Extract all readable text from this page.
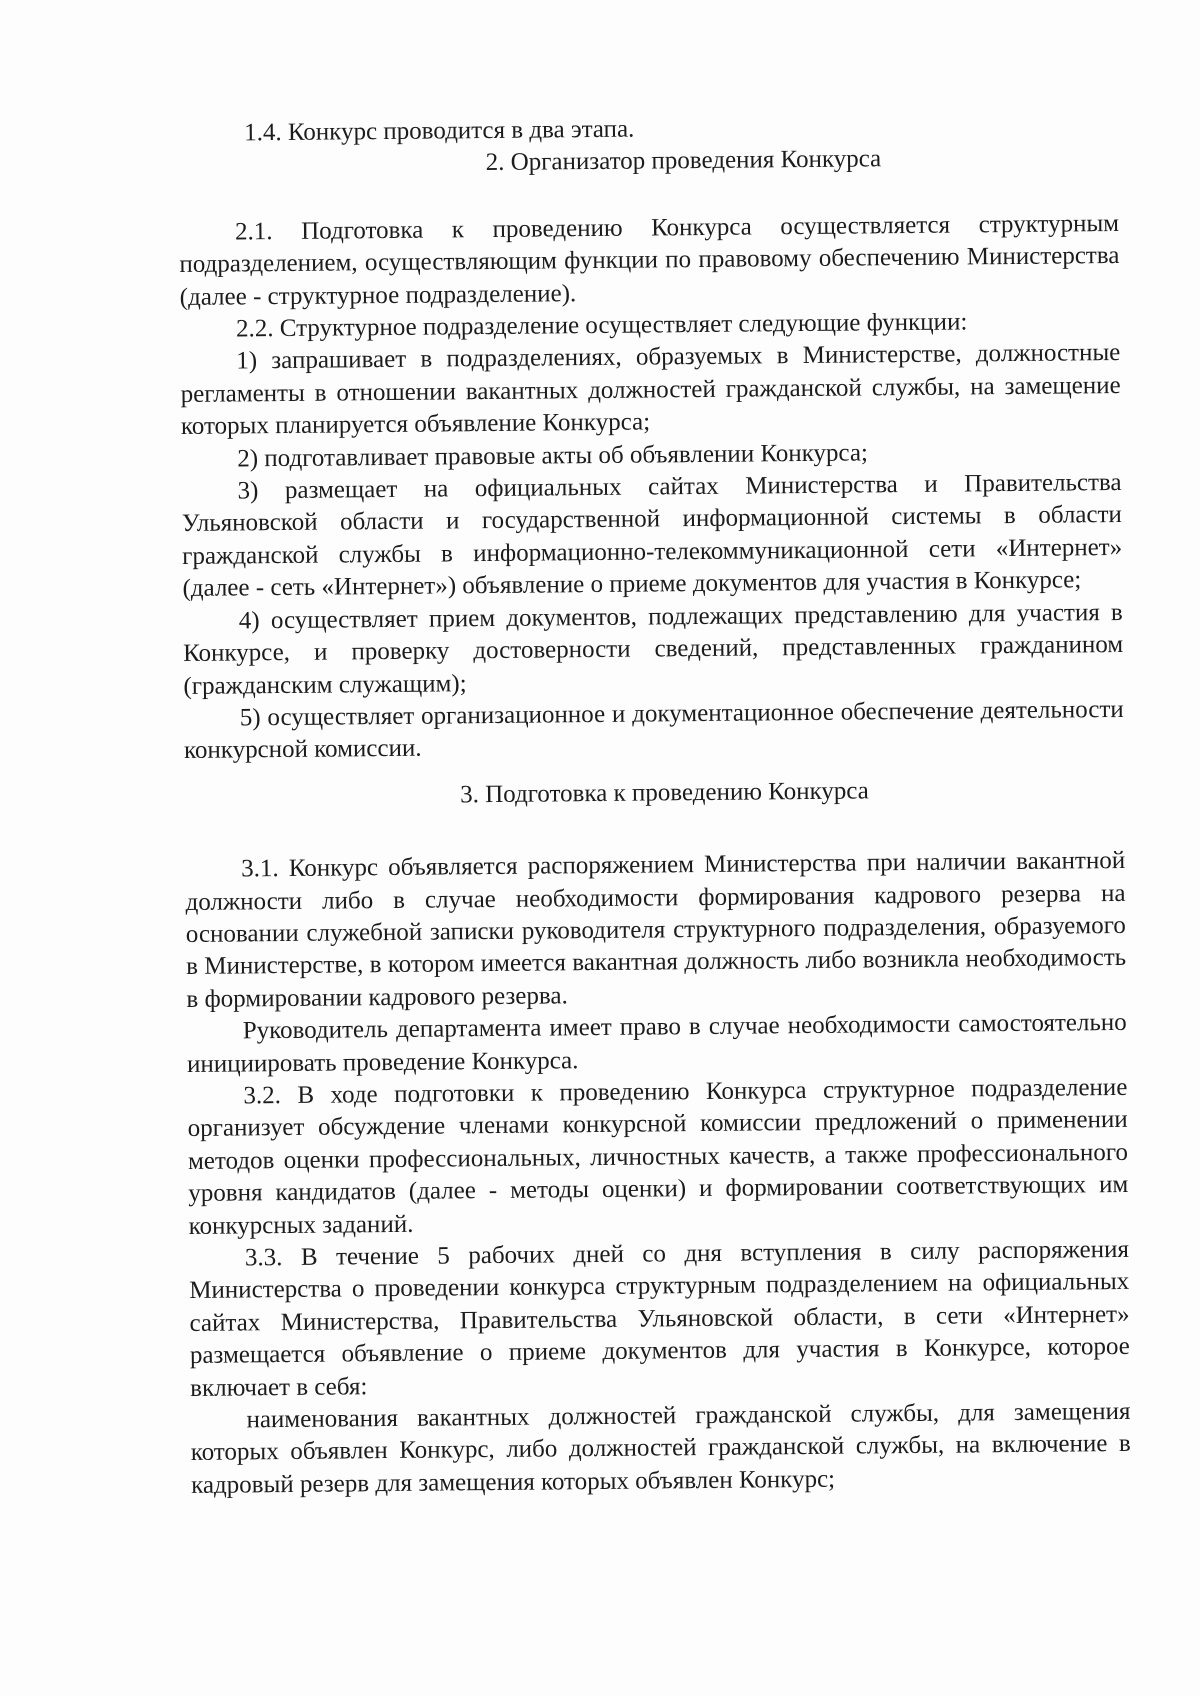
1.4. Конкурс проводится в два этапа.

2. Организатор проведения Конкурса

2.1. Подготовка к проведению Конкурса осуществляется структурным подразделением, осуществляющим функции по правовому обеспечению Министерства (далее - структурное подразделение).

2.2. Структурное подразделение осуществляет следующие функции:

1) запрашивает в подразделениях, образуемых в Министерстве, должностные регламенты в отношении вакантных должностей гражданской службы, на замещение которых планируется объявление Конкурса;

2) подготавливает правовые акты об объявлении Конкурса;

3) размещает на официальных сайтах Министерства и Правительства Ульяновской области и государственной информационной системы в области гражданской службы в информационно-телекоммуникационной сети «Интернет» (далее - сеть «Интернет») объявление о приеме документов для участия в Конкурсе;

4) осуществляет прием документов, подлежащих представлению для участия в Конкурсе, и проверку достоверности сведений, представленных гражданином (гражданским служащим);

5) осуществляет организационное и документационное обеспечение деятельности конкурсной комиссии.

3. Подготовка к проведению Конкурса

3.1. Конкурс объявляется распоряжением Министерства при наличии вакантной должности либо в случае необходимости формирования кадрового резерва на основании служебной записки руководителя структурного подразделения, образуемого в Министерстве, в котором имеется вакантная должность либо возникла необходимость в формировании кадрового резерва.

Руководитель департамента имеет право в случае необходимости самостоятельно инициировать проведение Конкурса.

3.2. В ходе подготовки к проведению Конкурса структурное подразделение организует обсуждение членами конкурсной комиссии предложений о применении методов оценки профессиональных, личностных качеств, а также профессионального уровня кандидатов (далее - методы оценки) и формировании соответствующих им конкурсных заданий.

3.3. В течение 5 рабочих дней со дня вступления в силу распоряжения Министерства о проведении конкурса структурным подразделением на официальных сайтах Министерства, Правительства Ульяновской области, в сети «Интернет» размещается объявление о приеме документов для участия в Конкурсе, которое включает в себя:

наименования вакантных должностей гражданской службы, для замещения которых объявлен Конкурс, либо должностей гражданской службы, на включение в кадровый резерв для замещения которых объявлен Конкурс;
